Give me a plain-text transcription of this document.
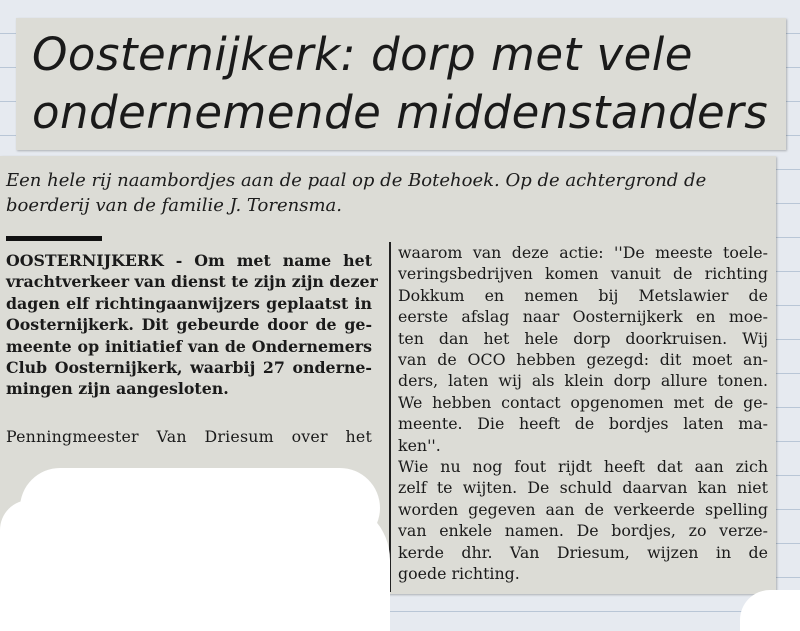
Oosternijkerk: dorp met vele
ondernemende middenstanders

Een hele rij naambordjes aan de paal op de Botehoek. Op de achtergrond de
boerderij van de familie J. Torensma.

OOSTERNIJKERK - Om met name het
vrachtverkeer van dienst te zijn zijn dezer
dagen elf richtingaanwijzers geplaatst in
Oosternijkerk. Dit gebeurde door de ge-
meente op initiatief van de Ondernemers
Club Oosternijkerk, waarbij 27 onderne-
mingen zijn aangesloten.

Penningmeester Van Driesum over het

waarom van deze actie: ''De meeste toele-
veringsbedrijven komen vanuit de richting
Dokkum en nemen bij Metslawier de
eerste afslag naar Oosternijkerk en moe-
ten dan het hele dorp doorkruisen. Wij
van de OCO hebben gezegd: dit moet an-
ders, laten wij als klein dorp allure tonen.
We hebben contact opgenomen met de ge-
meente. Die heeft de bordjes laten ma-
ken''.
Wie nu nog fout rijdt heeft dat aan zich
zelf te wijten. De schuld daarvan kan niet
worden gegeven aan de verkeerde spelling
van enkele namen. De bordjes, zo verze-
kerde dhr. Van Driesum, wijzen in de
goede richting.
